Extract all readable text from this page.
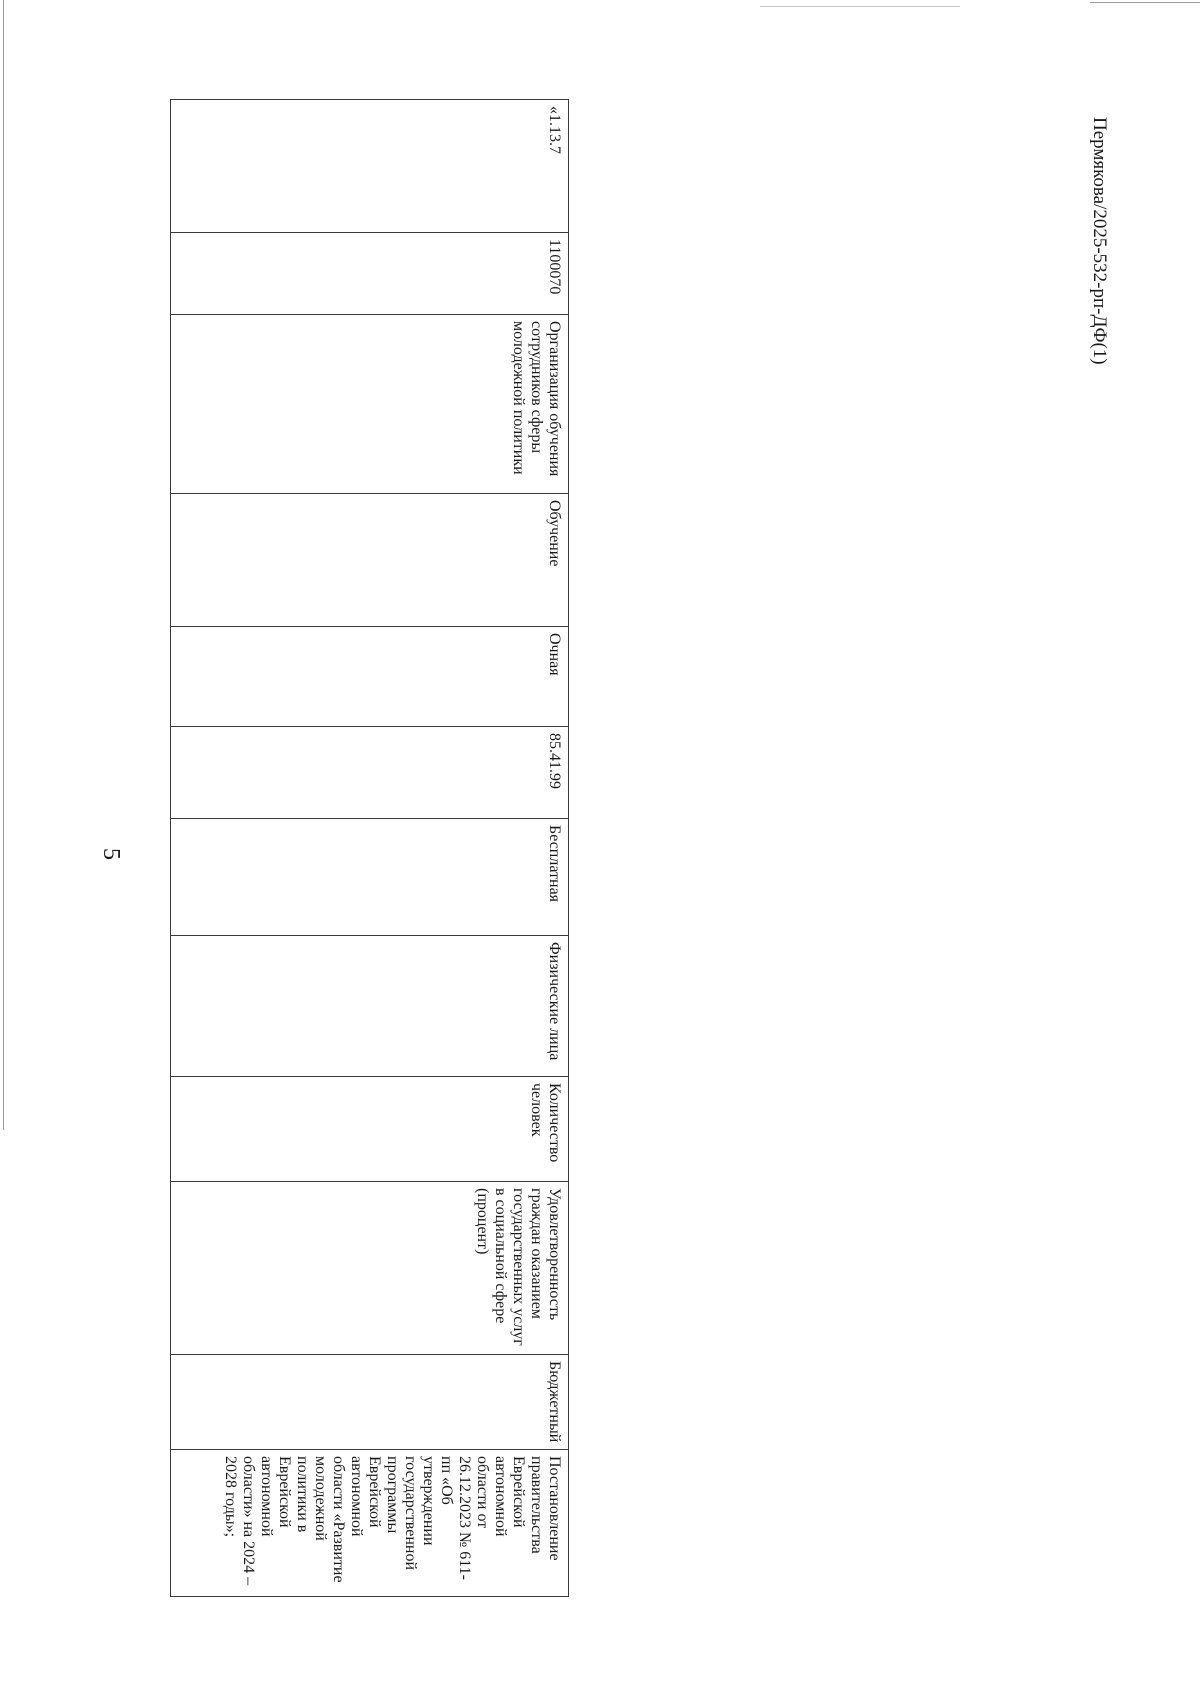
5
Пермякова/2025-532-рп-ДФ(1)
«1.13.7	1100070	Организация обучения сотрудников сферы молодежной политики	Обучение	Очная	85.41.99	Бесплатная	Физические лица	Количество человек	Удовлетворенность граждан оказанием государственных услуг в социальной сфере (процент)	Бюджетный	Постановление правительства Еврейской автономной области от 26.12.2023 № 611-пп «Об утверждении государственной программы Еврейской автономной области «Развитие молодежной политики в Еврейской автономной области» на 2024 – 2028 годы»;
